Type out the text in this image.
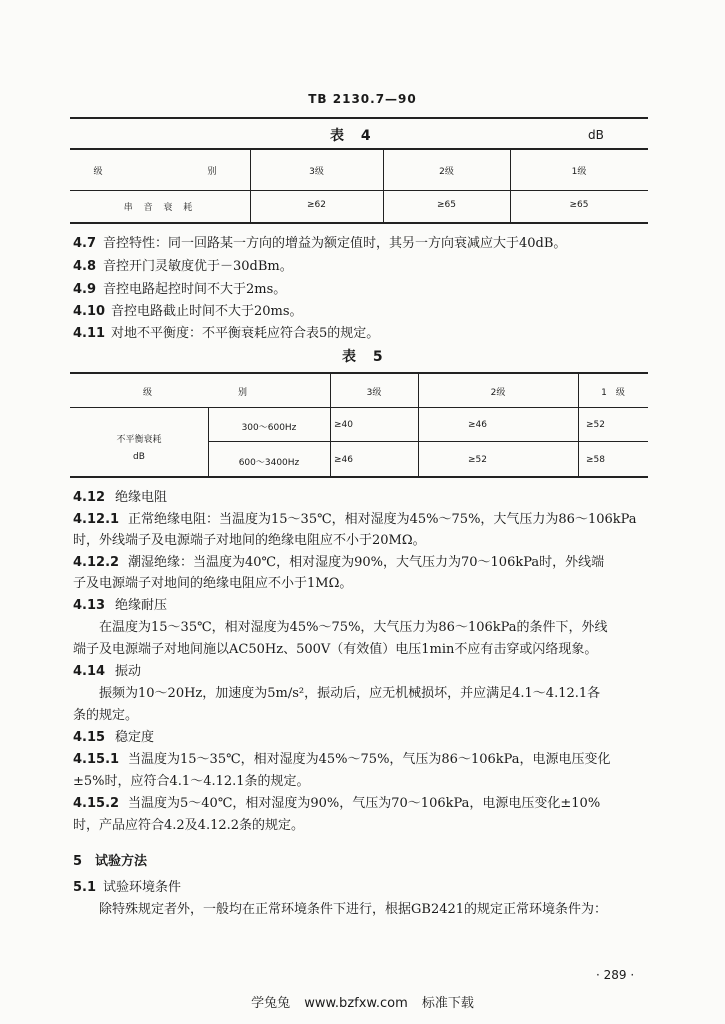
TB 2130.7—90
表 4	dB
级　　　　　别	3级	2级	1级
串 音 衰 耗	≥62	≥65	≥65
4.7 音控特性：同一回路某一方向的增益为额定值时，其另一方向衰减应大于40dB。
4.8 音控开门灵敏度优于－30dBm。
4.9 音控电路起控时间不大于2ms。
4.10 音控电路截止时间不大于20ms。
4.11 对地不平衡度：不平衡衰耗应符合表5的规定。
表 5
级　　　　别	3级	2级	1　级
不平衡衰耗
dB
300～600Hz	≥40	≥46	≥52
600～3400Hz	≥46	≥52	≥58
4.12 绝缘电阻
4.12.1 正常绝缘电阻：当温度为15～35℃，相对湿度为45%～75%，大气压力为86～106kPa
时，外线端子及电源端子对地间的绝缘电阻应不小于20MΩ。
4.12.2 潮湿绝缘：当温度为40℃，相对湿度为90%，大气压力为70～106kPa时，外线端
子及电源端子对地间的绝缘电阻应不小于1MΩ。
4.13 绝缘耐压
在温度为15～35℃，相对湿度为45%～75%，大气压力为86～106kPa的条件下，外线
端子及电源端子对地间施以AC50Hz、500V（有效值）电压1min不应有击穿或闪络现象。
4.14 振动
振频为10～20Hz，加速度为5m/s²，振动后，应无机械损坏，并应满足4.1～4.12.1各
条的规定。
4.15 稳定度
4.15.1 当温度为15～35℃，相对湿度为45%～75%，气压为86～106kPa，电源电压变化
±5%时，应符合4.1～4.12.1条的规定。
4.15.2 当温度为5～40℃，相对湿度为90%，气压为70～106kPa，电源电压变化±10%
时，产品应符合4.2及4.12.2条的规定。
5 试验方法
5.1 试验环境条件
除特殊规定者外，一般均在正常环境条件下进行，根据GB2421的规定正常环境条件为：
· 289 ·
学兔兔 www.bzfxw.com 标准下载
